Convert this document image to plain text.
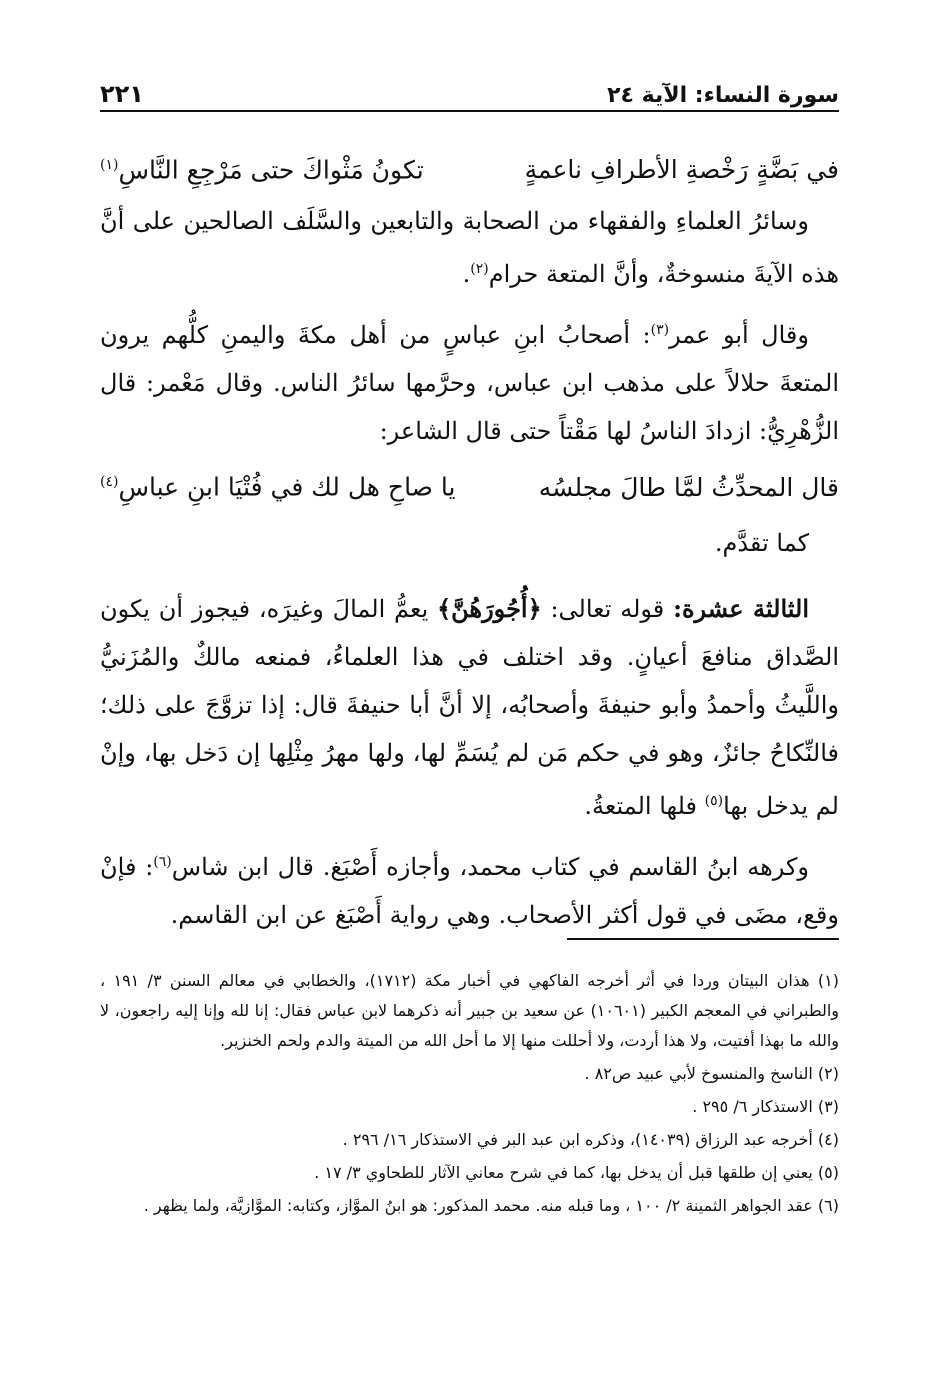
سورة النساء: الآية ٢٤
٢٢١
في بَضَّةٍ رَخْصةِ الأطرافِ ناعمةٍ
تكونُ مَثْواكَ حتى مَرْجِعِ النَّاسِ$^{(١)}$

وسائرُ العلماءِ والفقهاء من الصحابة والتابعين والسَّلَف الصالحين على أنَّ هذه الآيةَ منسوخةٌ، وأنَّ المتعة حرام$^{(٢)}$.

وقال أبو عمر$^{(٣)}$: أصحابُ ابنِ عباسٍ من أهل مكةَ واليمنِ كلُّهم يرون المتعةَ حلالاً على مذهب ابن عباس، وحرَّمها سائرُ الناس. وقال مَعْمر: قال الزُّهْرِيُّ: ازدادَ الناسُ لها مَقْتاً حتى قال الشاعر:

قال المحدِّثُ لمَّا طالَ مجلسُه
يا صاحِ هل لك في فُتْيَا ابنِ عباسِ$^{(٤)}$

كما تقدَّم.

الثالثة عشرة: قوله تعالى: ﴿أُجُورَهُنَّ﴾ يعمُّ المالَ وغيرَه، فيجوز أن يكون الصَّداق منافعَ أعيانٍ. وقد اختلف في هذا العلماءُ، فمنعه مالكٌ والمُزَنيُّ واللَّيثُ وأحمدُ وأبو حنيفةَ وأصحابُه، إلا أنَّ أبا حنيفةَ قال: إذا تزوَّجَ على ذلك؛ فالنِّكاحُ جائزٌ، وهو في حكم مَن لم يُسَمِّ لها، ولها مهرُ مِثْلِها إن دَخل بها، وإنْ لم يدخل بها$^{(٥)}$ فلها المتعةُ.

وكرهه ابنُ القاسم في كتاب محمد، وأجازه أَصْبَغ. قال ابن شاس$^{(٦)}$: فإنْ وقع، مضَى في قول أكثر الأصحاب. وهي رواية أَصْبَغ عن ابن القاسم.

(١) هذان البيتان وردا في أثر أخرجه الفاكهي في أخبار مكة (١٧١٢)، والخطابي في معالم السنن ٣/ ١٩١ ، والطبراني في المعجم الكبير (١٠٦٠١) عن سعيد بن جبير أنه ذكرهما لابن عباس فقال: إنا لله وإنا إليه راجعون، لا والله ما بهذا أفتيت، ولا هذا أردت، ولا أحللت منها إلا ما أحل الله من الميتة والدم ولحم الخنزير.

(٢) الناسخ والمنسوخ لأبي عبيد ص٨٢ .

(٣) الاستذكار ٦/ ٢٩٥ .

(٤) أخرجه عبد الرزاق (١٤٠٣٩)، وذكره ابن عبد البر في الاستذكار ١٦/ ٢٩٦ .

(٥) يعني إن طلقها قبل أن يدخل بها، كما في شرح معاني الآثار للطحاوي ٣/ ١٧ .

(٦) عقد الجواهر الثمينة ٢/ ١٠٠ ، وما قبله منه. محمد المذكور: هو ابنُ الموَّاز، وكتابه: الموَّازيَّة، ولما يظهر .
